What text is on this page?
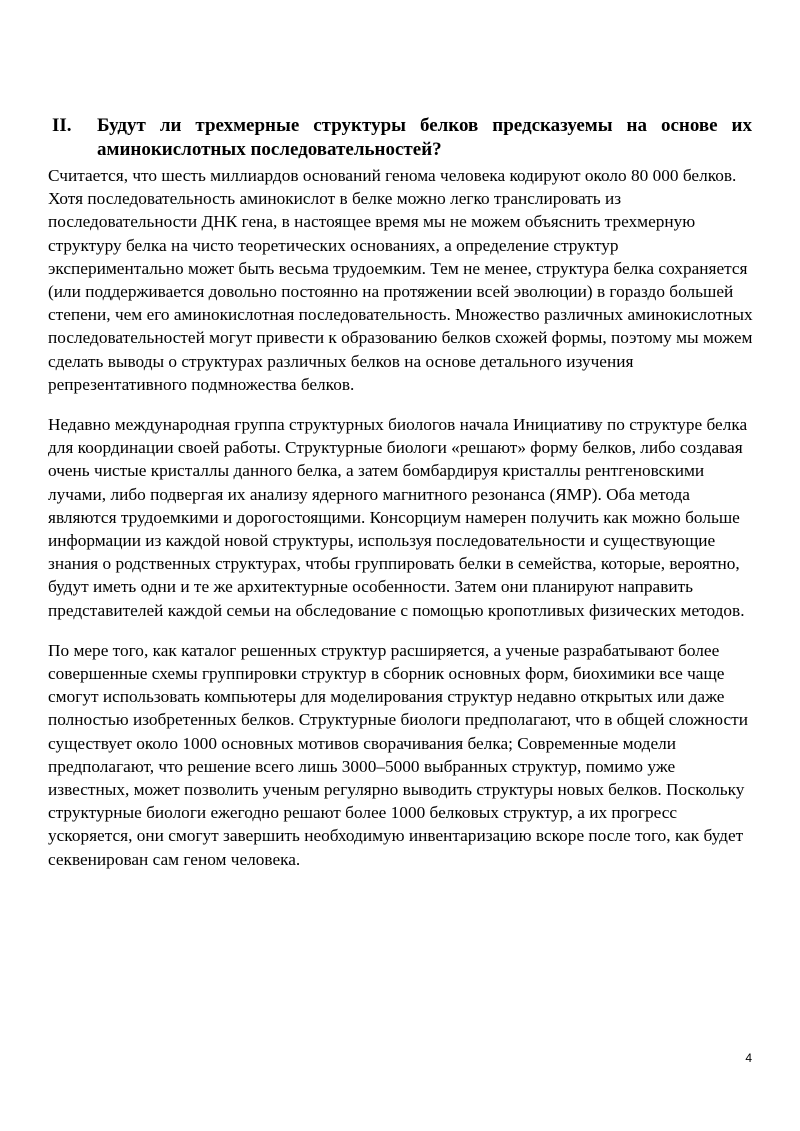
II.	Будут ли трехмерные структуры белков предсказуемы на основе их аминокислотных последовательностей?

Считается, что шесть миллиардов оснований генома человека кодируют около 80 000 белков. Хотя последовательность аминокислот в белке можно легко транслировать из последовательности ДНК гена, в настоящее время мы не можем объяснить трехмерную структуру белка на чисто теоретических основаниях, а определение структур экспериментально может быть весьма трудоемким. Тем не менее, структура белка сохраняется (или поддерживается довольно постоянно на протяжении всей эволюции) в гораздо большей степени, чем его аминокислотная последовательность. Множество различных аминокислотных последовательностей могут привести к образованию белков схожей формы, поэтому мы можем сделать выводы о структурах различных белков на основе детального изучения репрезентативного подмножества белков.

Недавно международная группа структурных биологов начала Инициативу по структуре белка для координации своей работы. Структурные биологи «решают» форму белков, либо создавая очень чистые кристаллы данного белка, а затем бомбардируя кристаллы рентгеновскими лучами, либо подвергая их анализу ядерного магнитного резонанса (ЯМР). Оба метода являются трудоемкими и дорогостоящими. Консорциум намерен получить как можно больше информации из каждой новой структуры, используя последовательности и существующие знания о родственных структурах, чтобы группировать белки в семейства, которые, вероятно, будут иметь одни и те же архитектурные особенности. Затем они планируют направить представителей каждой семьи на обследование с помощью кропотливых физических методов.

По мере того, как каталог решенных структур расширяется, а ученые разрабатывают более совершенные схемы группировки структур в сборник основных форм, биохимики все чаще смогут использовать компьютеры для моделирования структур недавно открытых или даже полностью изобретенных белков. Структурные биологи предполагают, что в общей сложности существует около 1000 основных мотивов сворачивания белка; Современные модели предполагают, что решение всего лишь 3000–5000 выбранных структур, помимо уже известных, может позволить ученым регулярно выводить структуры новых белков. Поскольку структурные биологи ежегодно решают более 1000 белковых структур, а их прогресс ускоряется, они смогут завершить необходимую инвентаризацию вскоре после того, как будет секвенирован сам геном человека.

4
